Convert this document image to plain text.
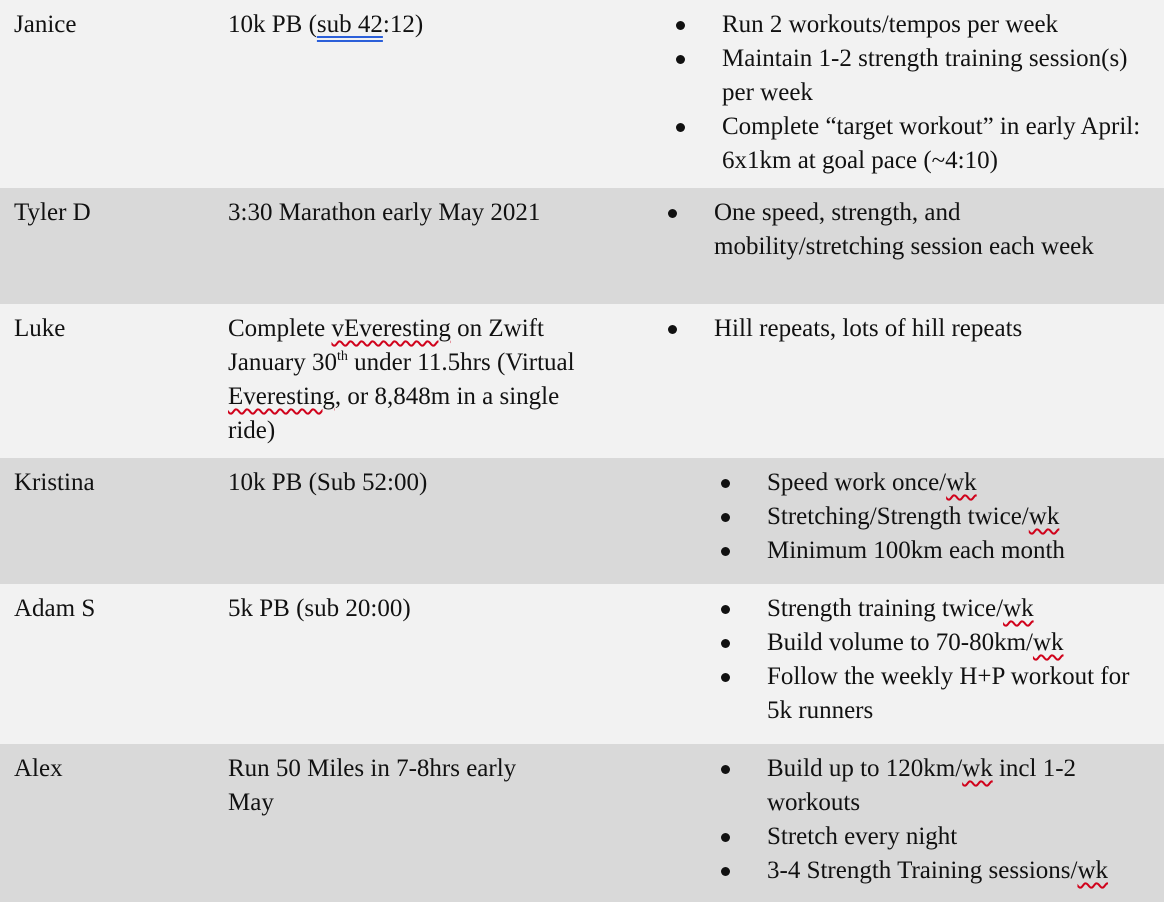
Janice	10k PB (sub 42:12)	Run 2 workouts/tempos per week
Maintain 1-2 strength training session(s) per week
Complete “target workout” in early April: 6x1km at goal pace (~4:10)
Tyler D	3:30 Marathon early May 2021	One speed, strength, and mobility/stretching session each week
Luke	Complete vEveresting on Zwift January 30th under 11.5hrs (Virtual Everesting, or 8,848m in a single ride)
Hill repeats, lots of hill repeats
Kristina	10k PB (Sub 52:00)	Speed work once/wk
Stretching/Strength twice/wk
Minimum 100km each month
Adam S	5k PB (sub 20:00)	Strength training twice/wk
Build volume to 70-80km/wk
Follow the weekly H+P workout for 5k runners
Alex	Run 50 Miles in 7-8hrs early May
Build up to 120km/wk incl 1-2 workouts
Stretch every night
3-4 Strength Training sessions/wk
